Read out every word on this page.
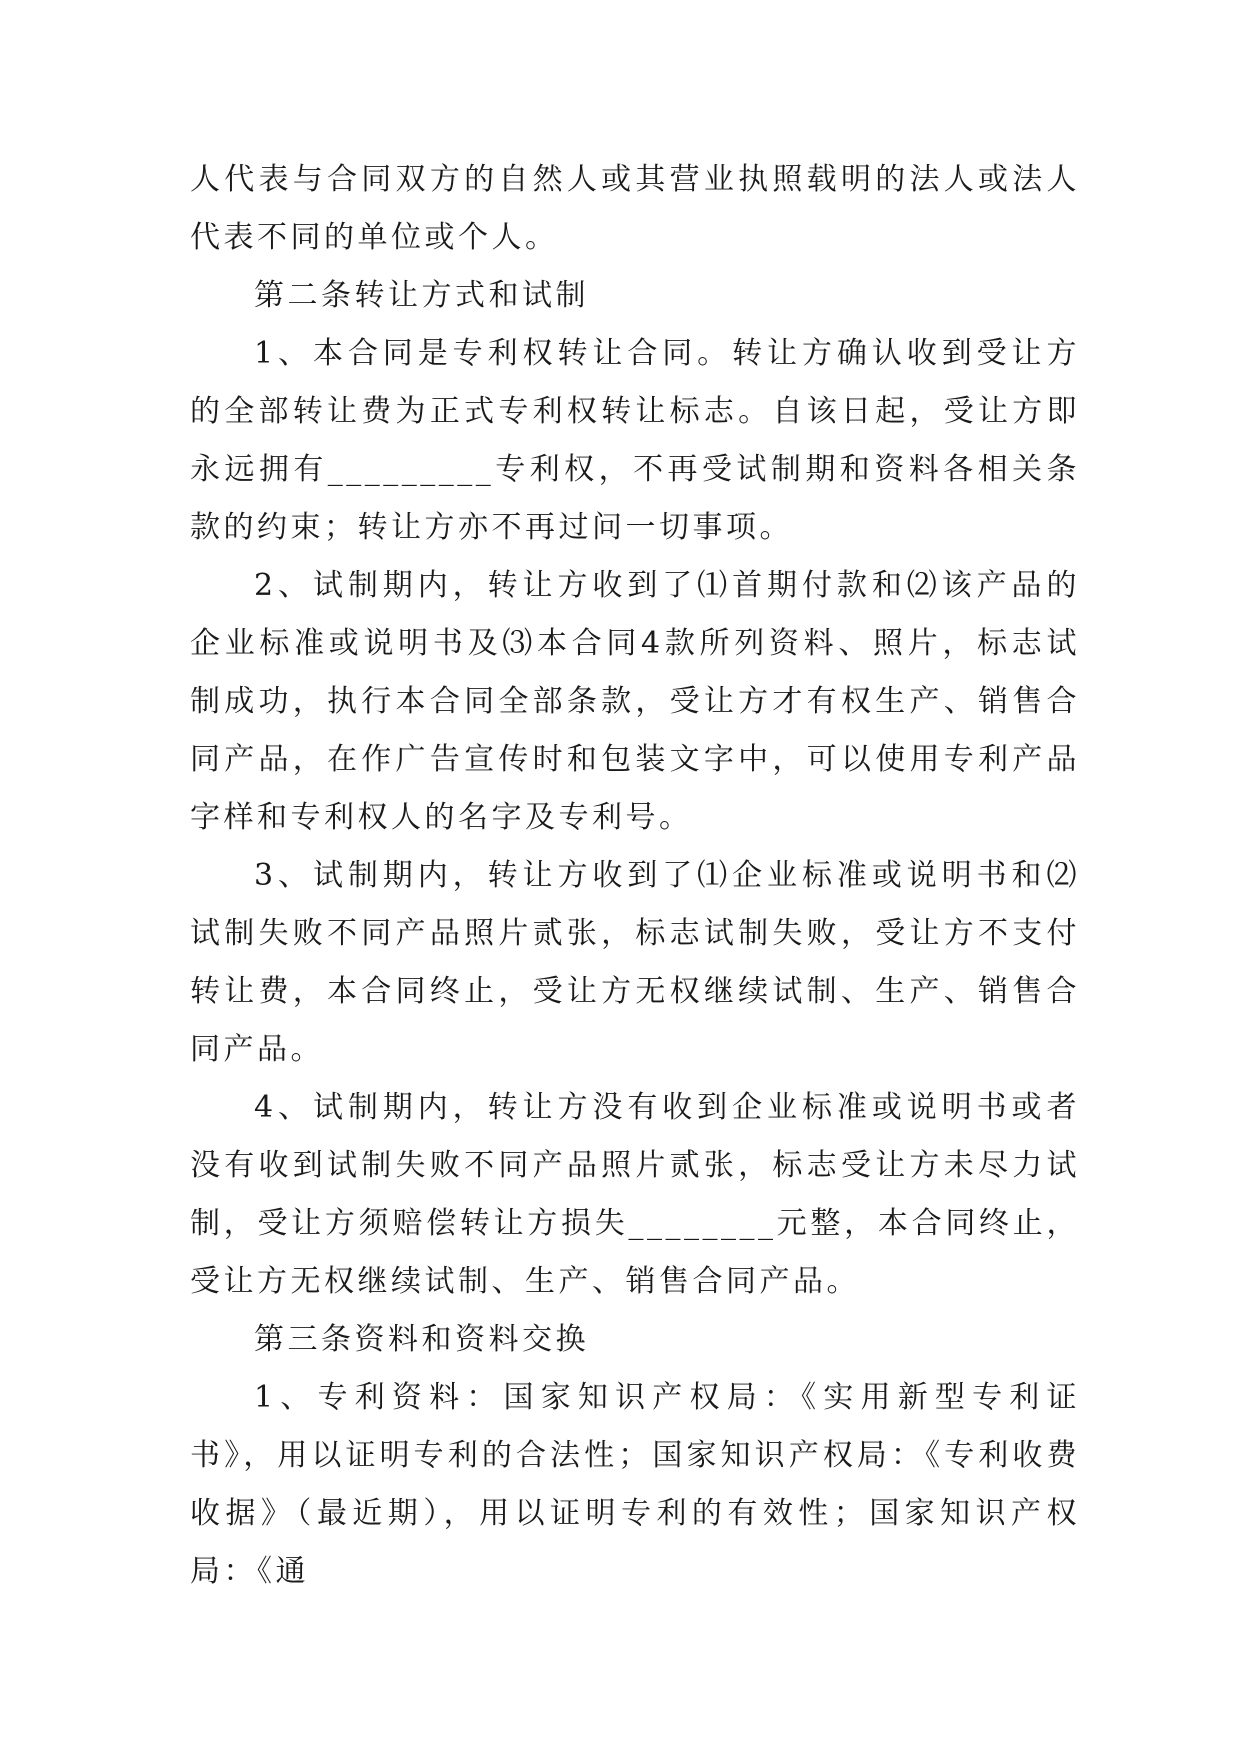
人代表与合同双方的自然人或其营业执照载明的法人或法人代表不同的单位或个人。

第二条转让方式和试制

1、本合同是专利权转让合同。转让方确认收到受让方的全部转让费为正式专利权转让标志。自该日起，受让方即永远拥有_________专利权，不再受试制期和资料各相关条款的约束；转让方亦不再过问一切事项。

2、试制期内，转让方收到了⑴首期付款和⑵该产品的企业标准或说明书及⑶本合同4款所列资料、照片，标志试制成功，执行本合同全部条款，受让方才有权生产、销售合同产品，在作广告宣传时和包装文字中，可以使用专利产品字样和专利权人的名字及专利号。

3、试制期内，转让方收到了⑴企业标准或说明书和⑵试制失败不同产品照片贰张，标志试制失败，受让方不支付转让费，本合同终止，受让方无权继续试制、生产、销售合同产品。

4、试制期内，转让方没有收到企业标准或说明书或者没有收到试制失败不同产品照片贰张，标志受让方未尽力试制，受让方须赔偿转让方损失________元整，本合同终止，受让方无权继续试制、生产、销售合同产品。

第三条资料和资料交换

1、专利资料：国家知识产权局：《实用新型专利证书》，用以证明专利的合法性；国家知识产权局：《专利收费收据》（最近期），用以证明专利的有效性；国家知识产权局：《通
